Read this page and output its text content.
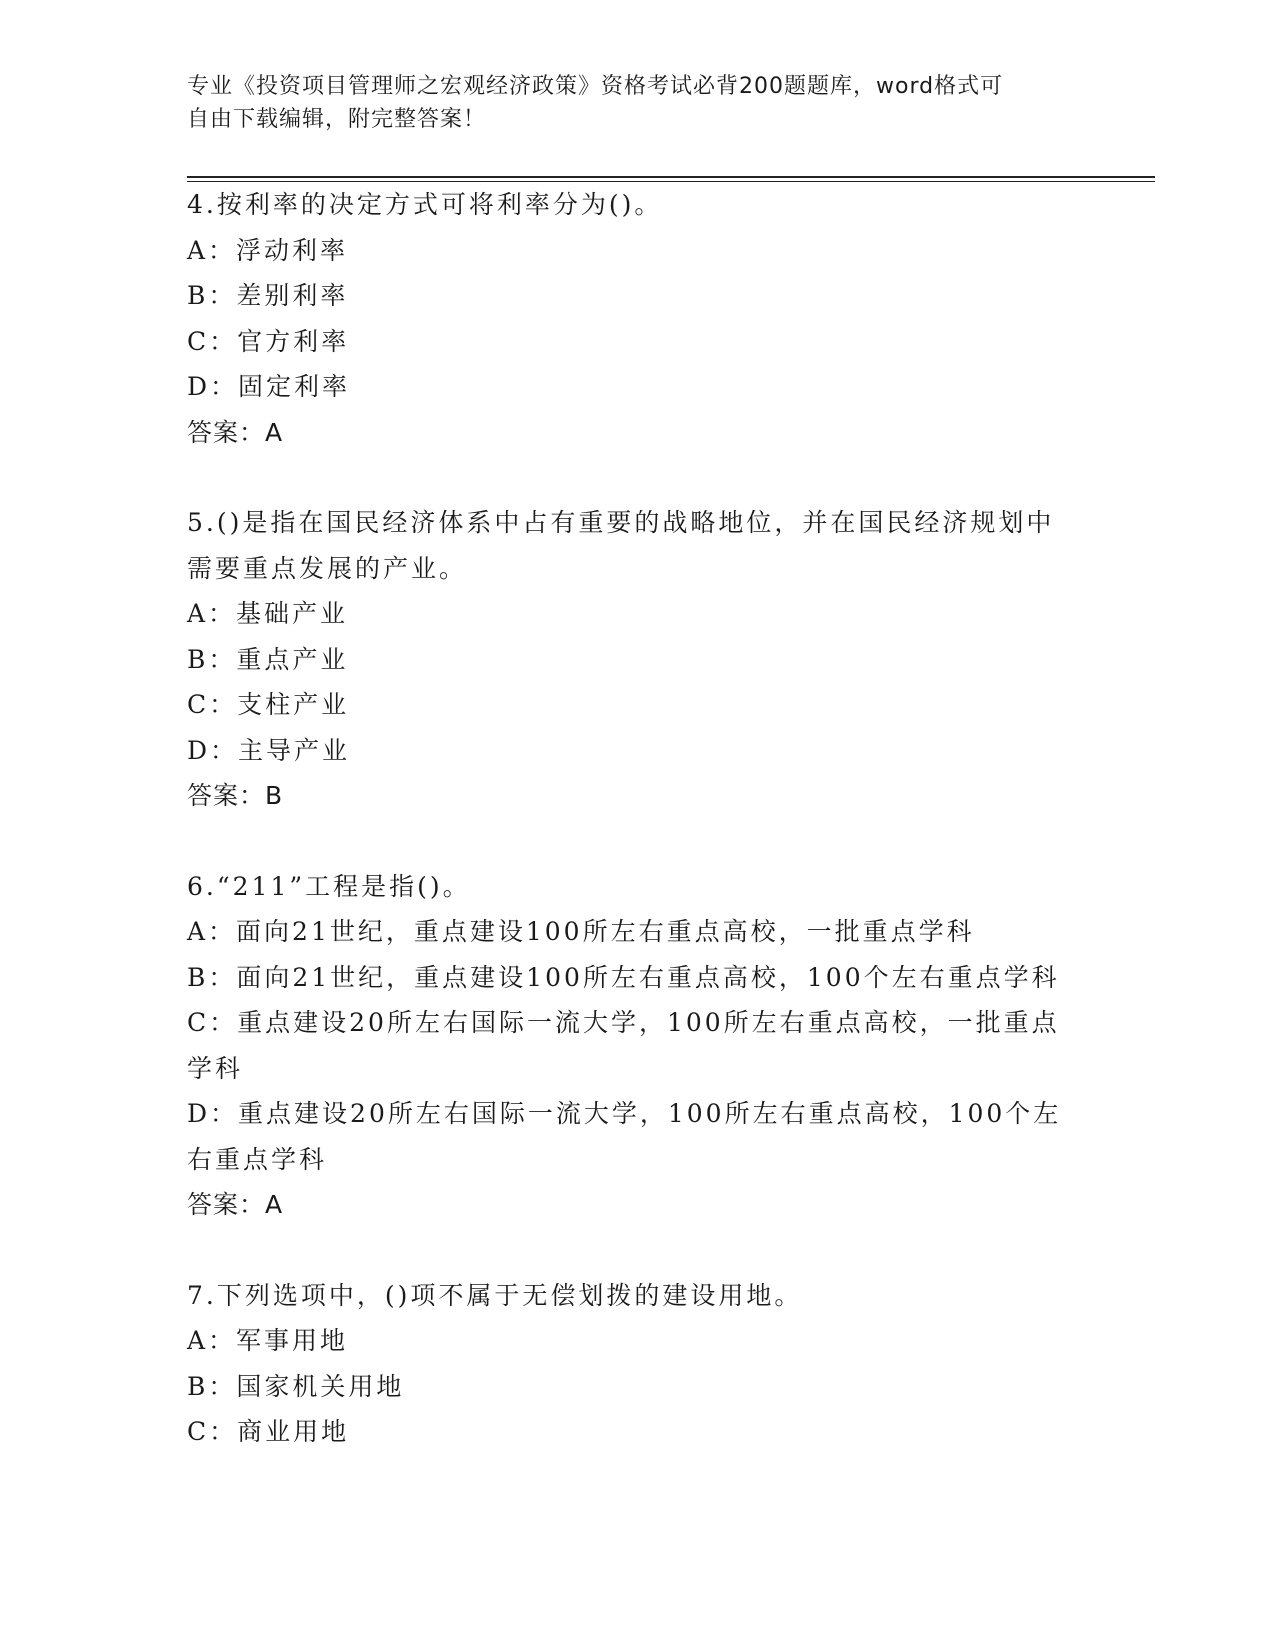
专业《投资项目管理师之宏观经济政策》资格考试必背200题题库，word格式可
自由下载编辑，附完整答案！
4.按利率的决定方式可将利率分为()。
A：浮动利率
B：差别利率
C：官方利率
D：固定利率
答案：A
5.()是指在国民经济体系中占有重要的战略地位，并在国民经济规划中需要重点发展的产业。
A：基础产业
B：重点产业
C：支柱产业
D：主导产业
答案：B
6.“211”工程是指()。
A：面向21世纪，重点建设100所左右重点高校，一批重点学科
B：面向21世纪，重点建设100所左右重点高校，100个左右重点学科
C：重点建设20所左右国际一流大学，100所左右重点高校，一批重点学科
D：重点建设20所左右国际一流大学，100所左右重点高校，100个左右重点学科
答案：A
7.下列选项中，()项不属于无偿划拨的建设用地。
A：军事用地
B：国家机关用地
C：商业用地
